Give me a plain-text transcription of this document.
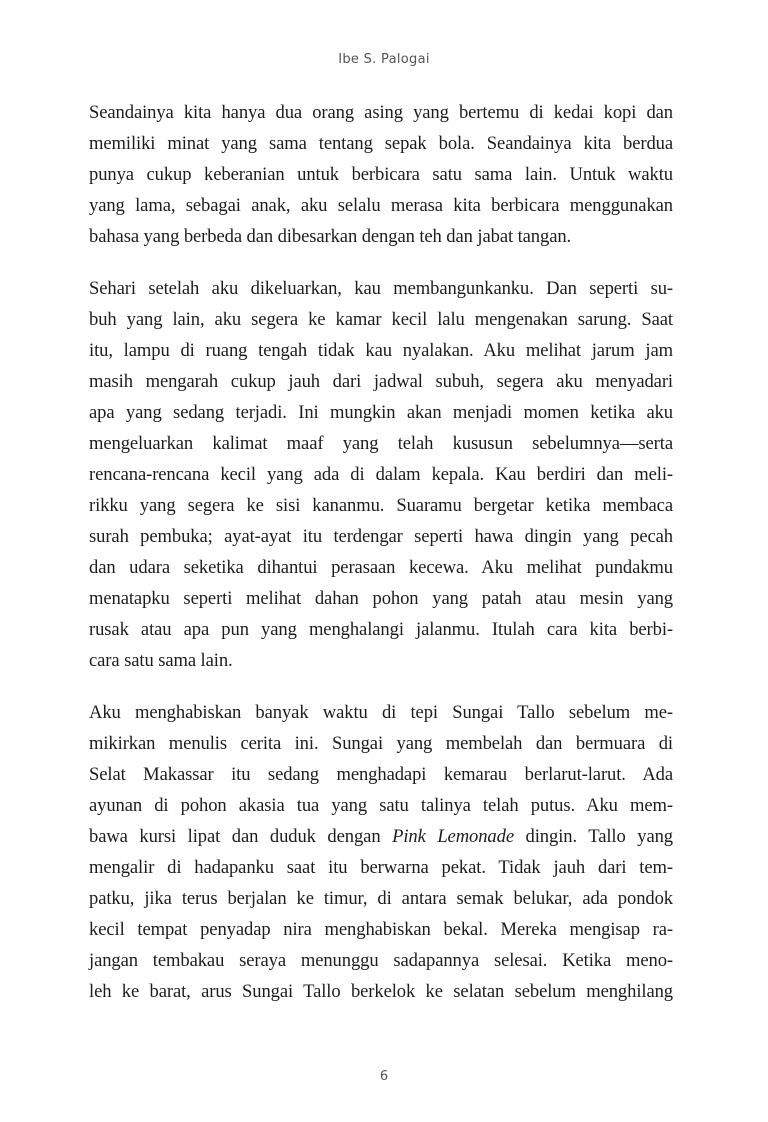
Ibe S. Palogai
Seandainya kita hanya dua orang asing yang bertemu di kedai kopi dan
memiliki minat yang sama tentang sepak bola. Seandainya kita berdua
punya cukup keberanian untuk berbicara satu sama lain. Untuk waktu
yang lama, sebagai anak, aku selalu merasa kita berbicara menggunakan
bahasa yang berbeda dan dibesarkan dengan teh dan jabat tangan.
Sehari setelah aku dikeluarkan, kau membangunkanku. Dan seperti su-
buh yang lain, aku segera ke kamar kecil lalu mengenakan sarung. Saat
itu, lampu di ruang tengah tidak kau nyalakan. Aku melihat jarum jam
masih mengarah cukup jauh dari jadwal subuh, segera aku menyadari
apa yang sedang terjadi. Ini mungkin akan menjadi momen ketika aku
mengeluarkan kalimat maaf yang telah kususun sebelumnya—serta
rencana-rencana kecil yang ada di dalam kepala. Kau berdiri dan meli-
rikku yang segera ke sisi kananmu. Suaramu bergetar ketika membaca
surah pembuka; ayat-ayat itu terdengar seperti hawa dingin yang pecah
dan udara seketika dihantui perasaan kecewa. Aku melihat pundakmu
menatapku seperti melihat dahan pohon yang patah atau mesin yang
rusak atau apa pun yang menghalangi jalanmu. Itulah cara kita berbi-
cara satu sama lain.
Aku menghabiskan banyak waktu di tepi Sungai Tallo sebelum me-
mikirkan menulis cerita ini. Sungai yang membelah dan bermuara di
Selat Makassar itu sedang menghadapi kemarau berlarut-larut. Ada
ayunan di pohon akasia tua yang satu talinya telah putus. Aku mem-
bawa kursi lipat dan duduk dengan Pink Lemonade dingin. Tallo yang
mengalir di hadapanku saat itu berwarna pekat. Tidak jauh dari tem-
patku, jika terus berjalan ke timur, di antara semak belukar, ada pondok
kecil tempat penyadap nira menghabiskan bekal. Mereka mengisap ra-
jangan tembakau seraya menunggu sadapannya selesai. Ketika meno-
leh ke barat, arus Sungai Tallo berkelok ke selatan sebelum menghilang
6
